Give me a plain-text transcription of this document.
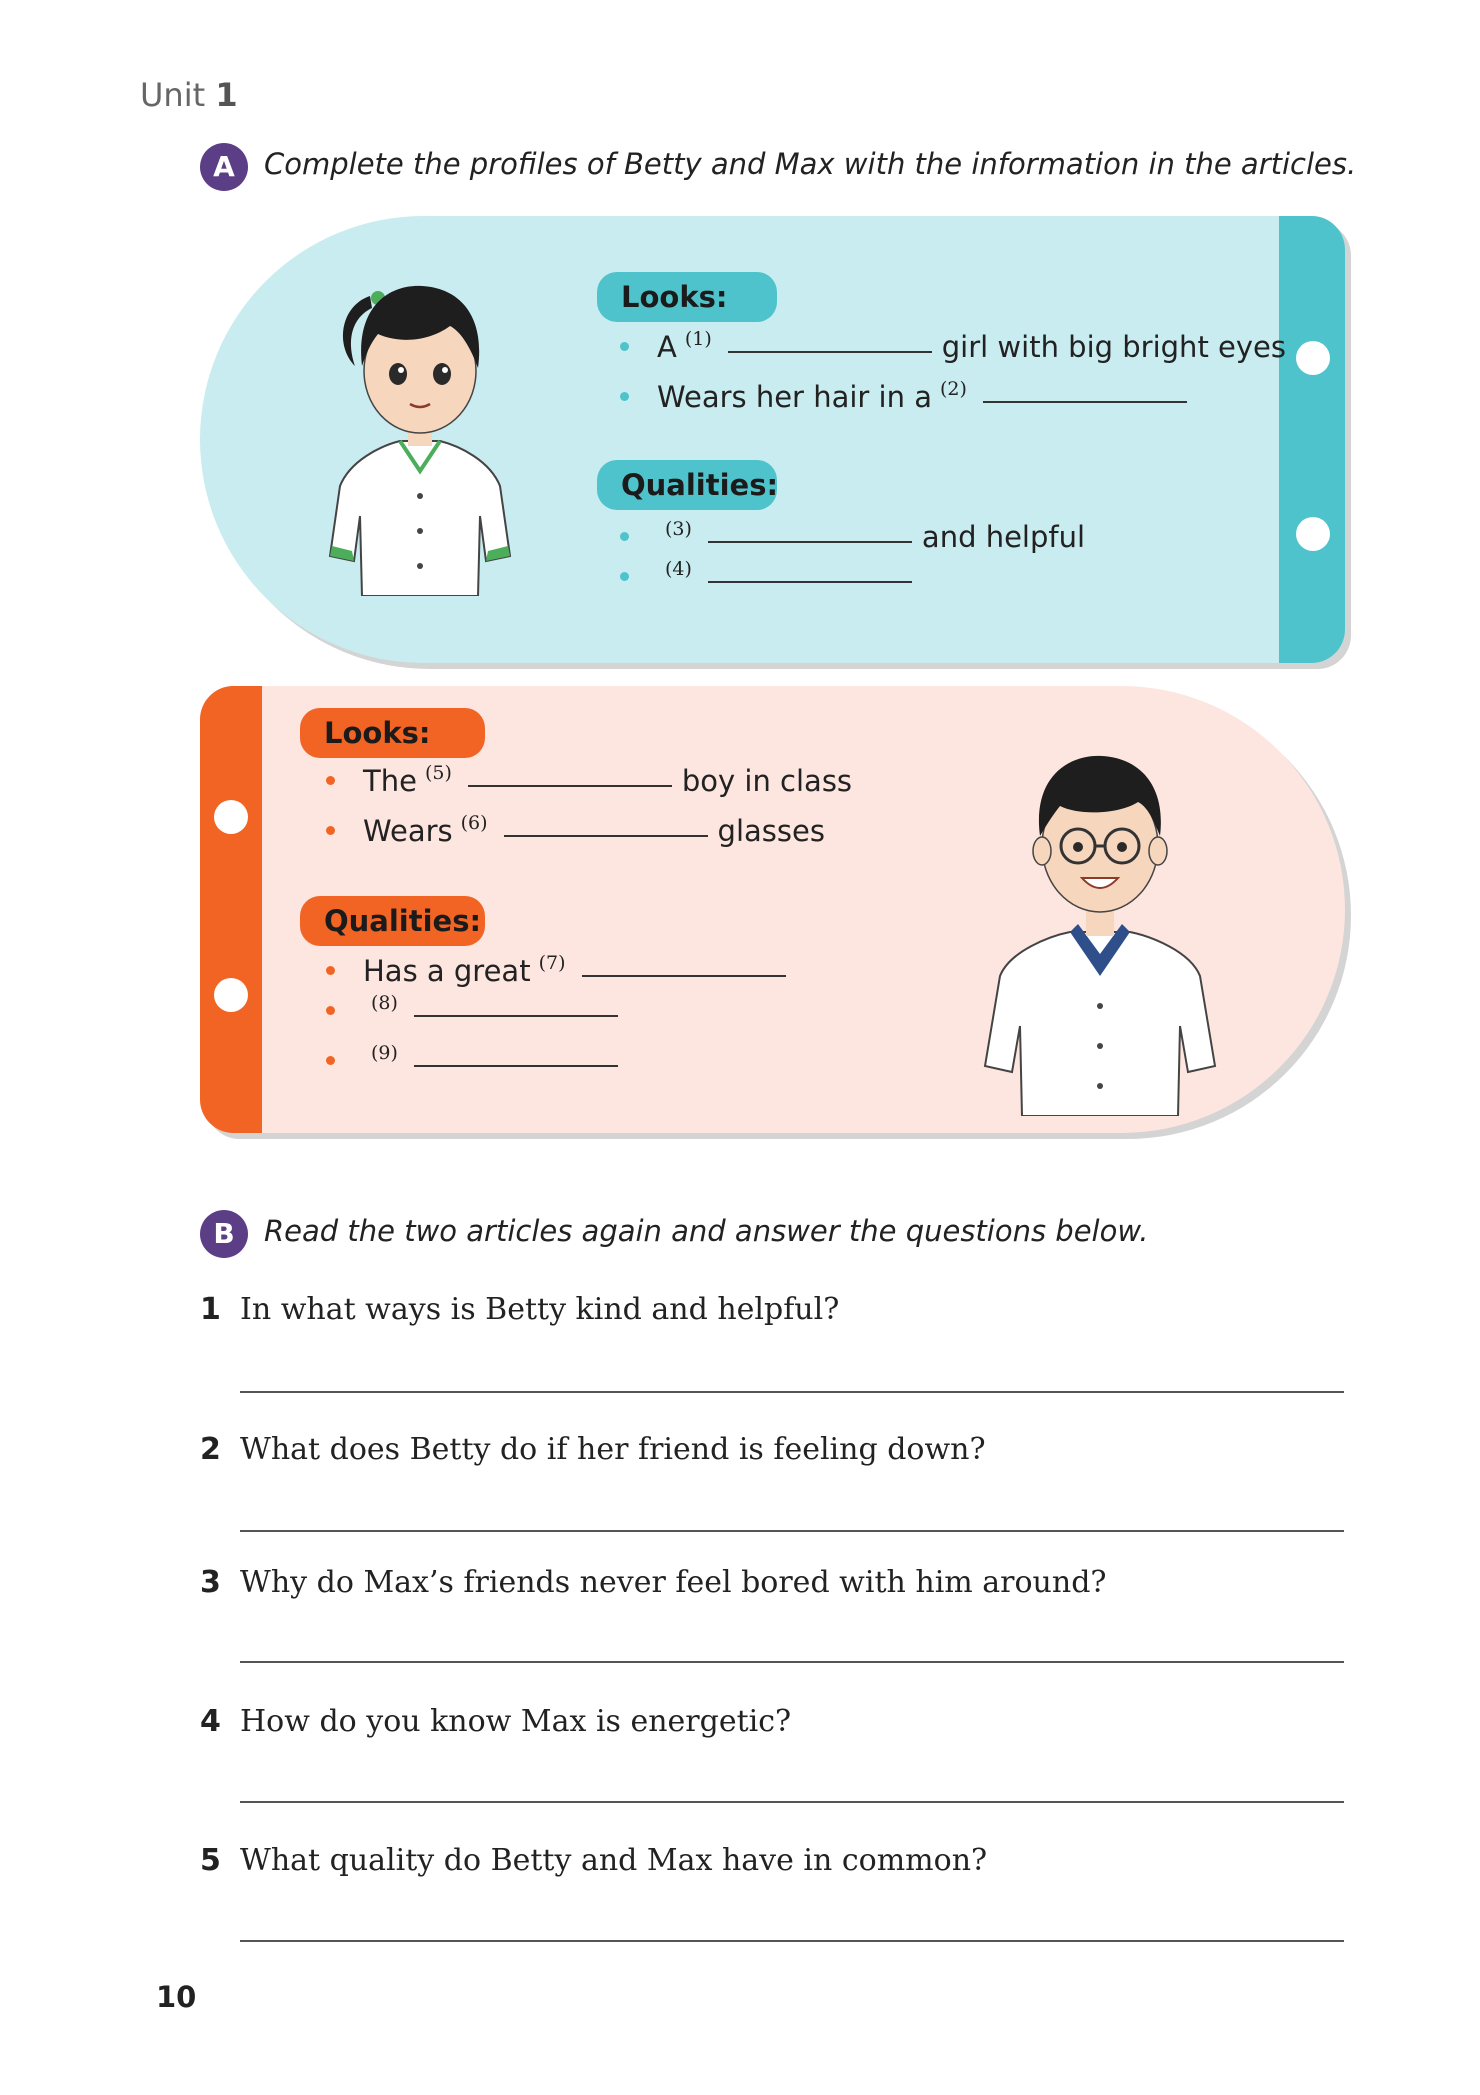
Unit 1
A	Complete the profiles of Betty and Max with the information in the articles.
Looks:
A (1)	girl with big bright eyes
Wears her hair in a (2)
Qualities:
(3)	and helpful
(4)
Looks:
The (5)	boy in class
Wears (6)	glasses
Qualities:
Has a great (7)
(8)
(9)
B	Read the two articles again and answer the questions below.
1 In what ways is Betty kind and helpful?
2 What does Betty do if her friend is feeling down?
3 Why do Max’s friends never feel bored with him around?
4 How do you know Max is energetic?
5 What quality do Betty and Max have in common?
10
